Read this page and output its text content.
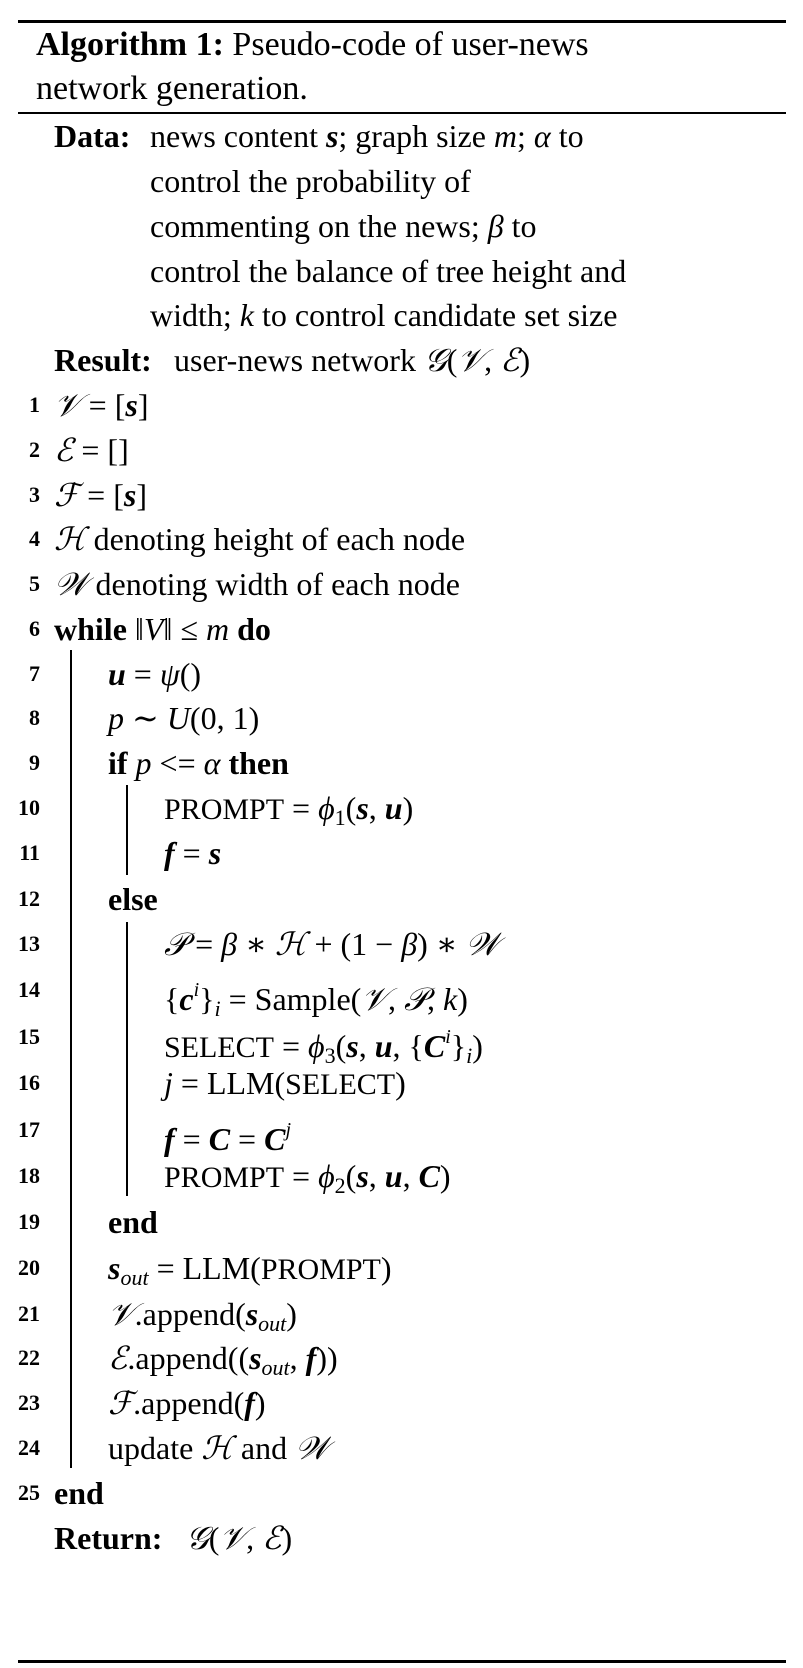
Algorithm 1: Pseudo-code of user-news
network generation.
Data: news content s; graph size m; α to
control the probability of
commenting on the news; β to
control the balance of tree height and
width; k to control candidate set size
Result: user-news network 𝒢(𝒱, ℰ)
1
2
3
4
5
6
7
8
9
10
11
12
13
14
15
16
17
18
19
20
21
22
23
24
25
𝒱 = [s]
ℰ = []
ℱ = [s]
ℋ denoting height of each node
𝒲 denoting width of each node
while ‖V‖ ≤ m do
u = ψ()
p ∼ U(0, 1)
if p <= α then
PROMPT = $\phi_1(s$, u)
f = s
else
𝒫 = β ∗ ℋ + (1 − β) ∗ 𝒲
$\{c^i\}_i$ = Sample(𝒱, 𝒫, k)
SELECT = $\phi_3(s$, u, $\{C^i\}_i$)
j = LLM(SELECT)
$f = C = C^j$
PROMPT = $\phi_2(s$, u, C)
end
$s_{out}$ = LLM(PROMPT)
$𝒱.append(s_{out})$
$ℰ.append((s_{out}$, f))
ℱ.append(f)
update ℋ and 𝒲
end
Return: 𝒢(𝒱, ℰ)
